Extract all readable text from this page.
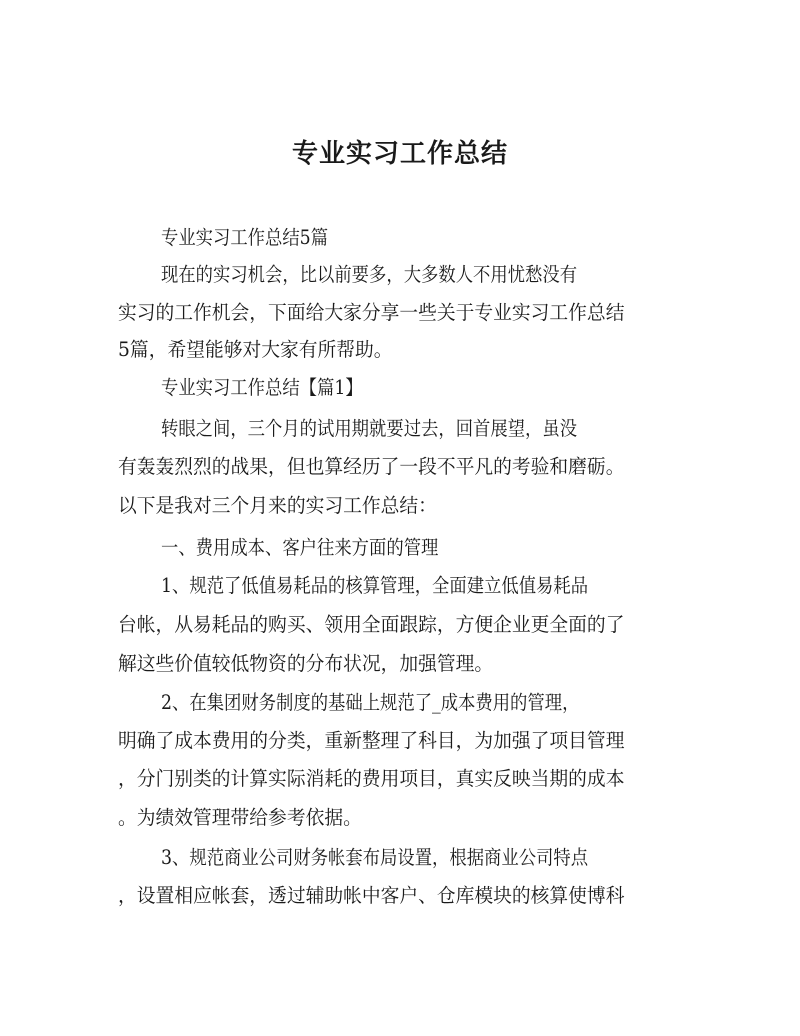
专业实习工作总结

专业实习工作总结5篇

现在的实习机会，比以前要多，大多数人不用忧愁没有

实习的工作机会，下面给大家分享一些关于专业实习工作总结

5篇，希望能够对大家有所帮助。

专业实习工作总结【篇1】

转眼之间，三个月的试用期就要过去，回首展望，虽没

有轰轰烈烈的战果，但也算经历了一段不平凡的考验和磨砺。

以下是我对三个月来的实习工作总结：

一、费用成本、客户往来方面的管理

1、规范了低值易耗品的核算管理，全面建立低值易耗品

台帐，从易耗品的购买、领用全面跟踪，方便企业更全面的了

解这些价值较低物资的分布状况，加强管理。

2、在集团财务制度的基础上规范了_成本费用的管理，

明确了成本费用的分类，重新整理了科目，为加强了项目管理

，分门别类的计算实际消耗的费用项目，真实反映当期的成本

。为绩效管理带给参考依据。

3、规范商业公司财务帐套布局设置，根据商业公司特点

，设置相应帐套，透过辅助帐中客户、仓库模块的核算使博科
